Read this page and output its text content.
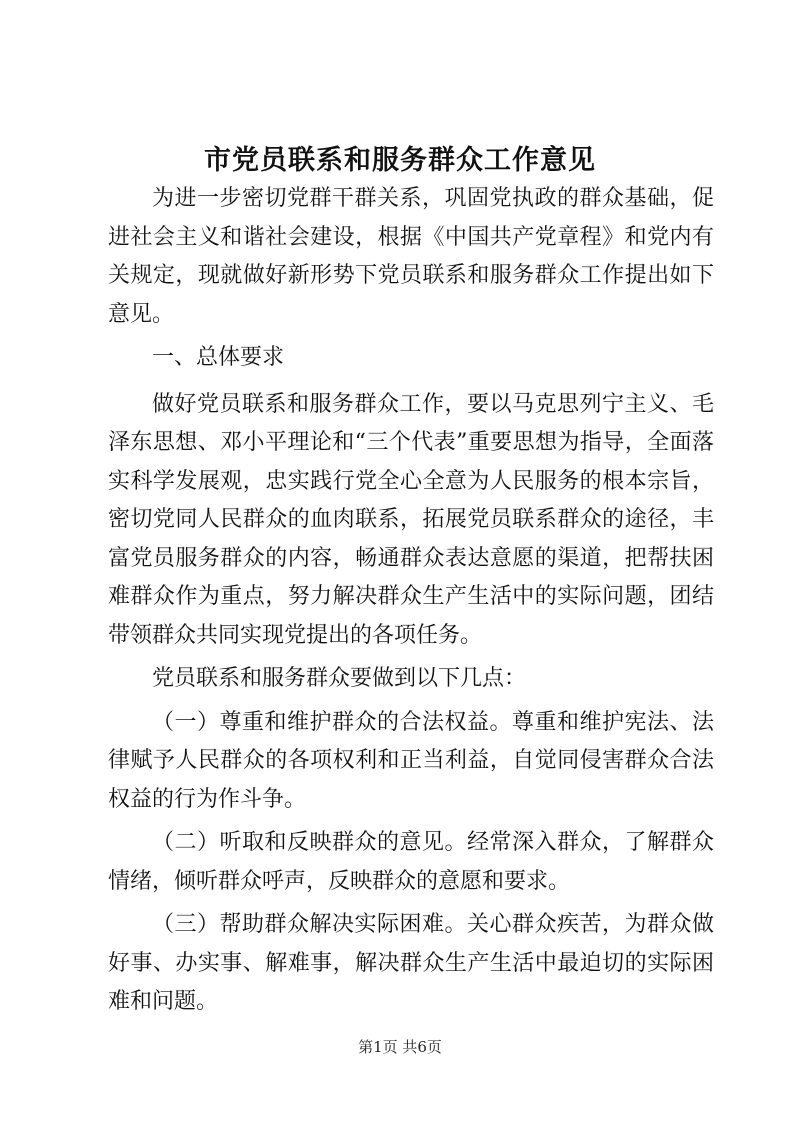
市党员联系和服务群众工作意见

为进一步密切党群干群关系，巩固党执政的群众基础，促进社会主义和谐社会建设，根据《中国共产党章程》和党内有关规定，现就做好新形势下党员联系和服务群众工作提出如下意见。

一、总体要求

做好党员联系和服务群众工作，要以马克思列宁主义、毛泽东思想、邓小平理论和“三个代表”重要思想为指导，全面落实科学发展观，忠实践行党全心全意为人民服务的根本宗旨，密切党同人民群众的血肉联系，拓展党员联系群众的途径，丰富党员服务群众的内容，畅通群众表达意愿的渠道，把帮扶困难群众作为重点，努力解决群众生产生活中的实际问题，团结带领群众共同实现党提出的各项任务。

党员联系和服务群众要做到以下几点：

（一）尊重和维护群众的合法权益。尊重和维护宪法、法律赋予人民群众的各项权利和正当利益，自觉同侵害群众合法权益的行为作斗争。

（二）听取和反映群众的意见。经常深入群众，了解群众情绪，倾听群众呼声，反映群众的意愿和要求。

（三）帮助群众解决实际困难。关心群众疾苦，为群众做好事、办实事、解难事，解决群众生产生活中最迫切的实际困难和问题。

第1页 共6页
